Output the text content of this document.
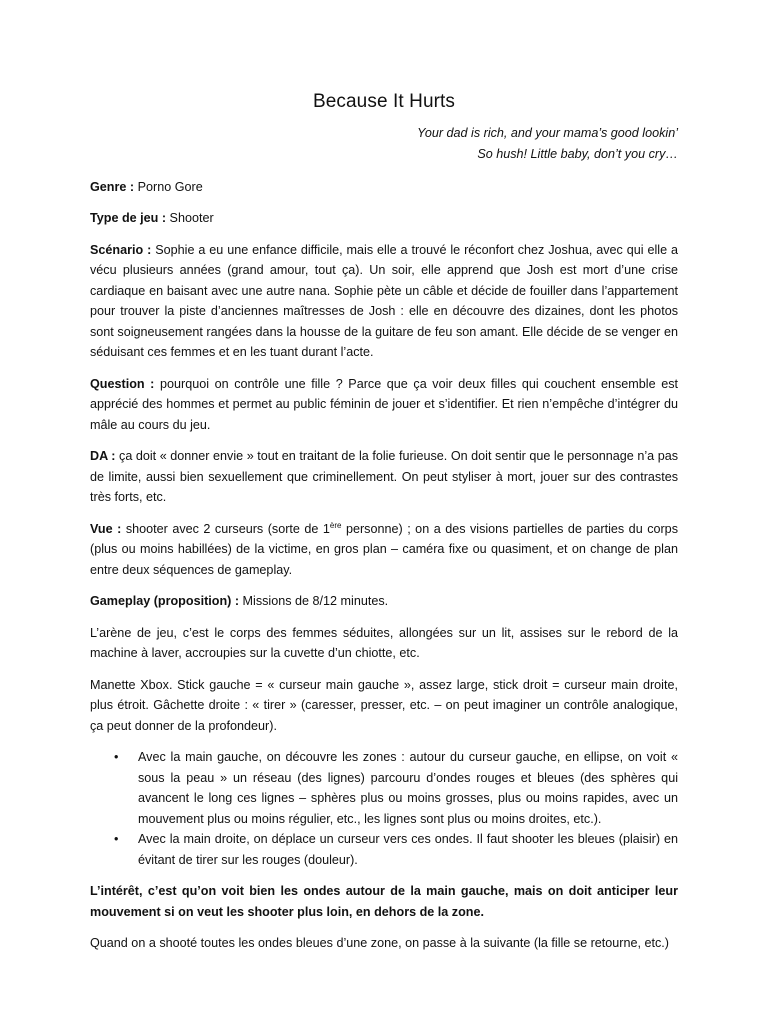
Because It Hurts
Your dad is rich, and your mama’s good lookin’
So hush! Little baby, don’t you cry…

Genre : Porno Gore

Type de jeu : Shooter

Scénario : Sophie a eu une enfance difficile, mais elle a trouvé le réconfort chez Joshua, avec qui elle a vécu plusieurs années (grand amour, tout ça). Un soir, elle apprend que Josh est mort d’une crise cardiaque en baisant avec une autre nana. Sophie pète un câble et décide de fouiller dans l’appartement pour trouver la piste d’anciennes maîtresses de Josh : elle en découvre des dizaines, dont les photos sont soigneusement rangées dans la housse de la guitare de feu son amant. Elle décide de se venger en séduisant ces femmes et en les tuant durant l’acte.

Question : pourquoi on contrôle une fille ? Parce que ça voir deux filles qui couchent ensemble est apprécié des hommes et permet au public féminin de jouer et s’identifier. Et rien n’empêche d’intégrer du mâle au cours du jeu.

DA : ça doit « donner envie » tout en traitant de la folie furieuse. On doit sentir que le personnage n’a pas de limite, aussi bien sexuellement que criminellement. On peut styliser à mort, jouer sur des contrastes très forts, etc.

Vue : shooter avec 2 curseurs (sorte de 1ère personne) ; on a des visions partielles de parties du corps (plus ou moins habillées) de la victime, en gros plan – caméra fixe ou quasiment, et on change de plan entre deux séquences de gameplay.

Gameplay (proposition) : Missions de 8/12 minutes.

L’arène de jeu, c’est le corps des femmes séduites, allongées sur un lit, assises sur le rebord de la machine à laver, accroupies sur la cuvette d’un chiotte, etc.

Manette Xbox. Stick gauche = « curseur main gauche », assez large, stick droit = curseur main droite, plus étroit. Gâchette droite : « tirer » (caresser, presser, etc. – on peut imaginer un contrôle analogique, ça peut donner de la profondeur).

• Avec la main gauche, on découvre les zones : autour du curseur gauche, en ellipse, on voit « sous la peau » un réseau (des lignes) parcouru d’ondes rouges et bleues (des sphères qui avancent le long ces lignes – sphères plus ou moins grosses, plus ou moins rapides, avec un mouvement plus ou moins régulier, etc., les lignes sont plus ou moins droites, etc.).
• Avec la main droite, on déplace un curseur vers ces ondes. Il faut shooter les bleues (plaisir) en évitant de tirer sur les rouges (douleur).

L’intérêt, c’est qu’on voit bien les ondes autour de la main gauche, mais on doit anticiper leur mouvement si on veut les shooter plus loin, en dehors de la zone.

Quand on a shooté toutes les ondes bleues d’une zone, on passe à la suivante (la fille se retourne, etc.)
